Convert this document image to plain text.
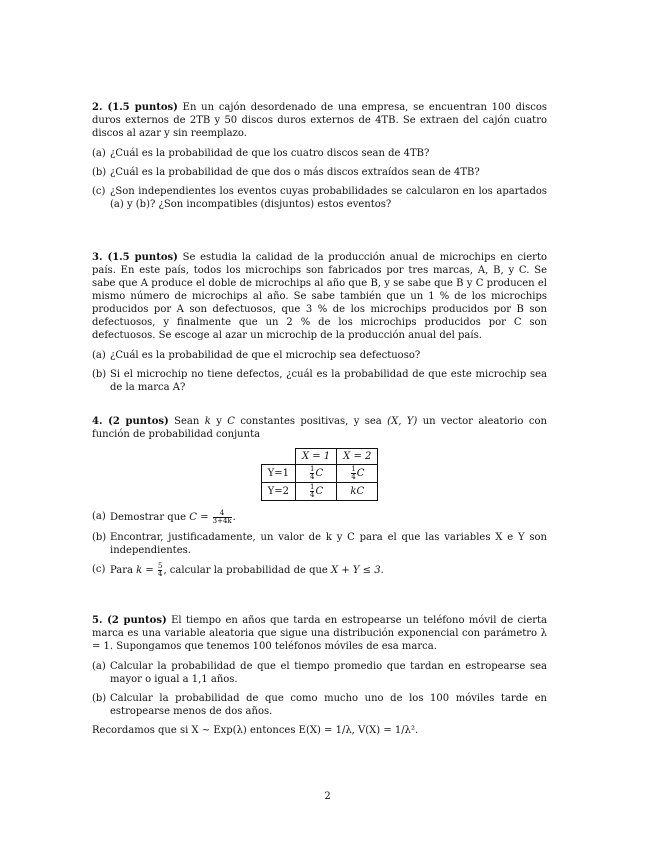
2. (1.5 puntos) En un cajón desordenado de una empresa, se encuentran 100 discos duros externos de 2TB y 50 discos duros externos de 4TB. Se extraen del cajón cuatro discos al azar y sin reemplazo.

(a) ¿Cuál es la probabilidad de que los cuatro discos sean de 4TB?
(b) ¿Cuál es la probabilidad de que dos o más discos extraídos sean de 4TB?
(c) ¿Son independientes los eventos cuyas probabilidades se calcularon en los apartados (a) y (b)? ¿Son incompatibles (disjuntos) estos eventos?

3. (1.5 puntos) Se estudia la calidad de la producción anual de microchips en cierto país. En este país, todos los microchips son fabricados por tres marcas, A, B, y C. Se sabe que A produce el doble de microchips al año que B, y se sabe que B y C producen el mismo número de microchips al año. Se sabe también que un 1 % de los microchips producidos por A son defectuosos, que 3 % de los microchips producidos por B son defectuosos, y finalmente que un 2 % de los microchips producidos por C son defectuosos. Se escoge al azar un microchip de la producción anual del país.

(a) ¿Cuál es la probabilidad de que el microchip sea defectuoso?
(b) Si el microchip no tiene defectos, ¿cuál es la probabilidad de que este microchip sea de la marca A?

4. (2 puntos) Sean k y C constantes positivas, y sea (X, Y) un vector aleatorio con función de probabilidad conjunta

	X = 1	X = 2
Y=1	$\frac{1}{4}$ C	$\frac{1}{4}$ C
Y=2	$\frac{1}{4}$ C	kC
(a) Demostrar que $C = \frac{4}{3+4k}$ .
(b) Encontrar, justificadamente, un valor de k y C para el que las variables X e Y son independientes.
(c) Para $k = \frac{5}{4}$ , calcular la probabilidad de que X + Y ≤ 3.

5. (2 puntos) El tiempo en años que tarda en estropearse un teléfono móvil de cierta marca es una variable aleatoria que sigue una distribución exponencial con parámetro λ = 1. Supongamos que tenemos 100 teléfonos móviles de esa marca.

(a) Calcular la probabilidad de que el tiempo promedio que tardan en estropearse sea mayor o igual a 1,1 años.
(b) Calcular la probabilidad de que como mucho uno de los 100 móviles tarde en estropearse menos de dos años.

Recordamos que si X ∼ Exp(λ) entonces E(X) = 1/λ, V(X) = 1/λ².

2
